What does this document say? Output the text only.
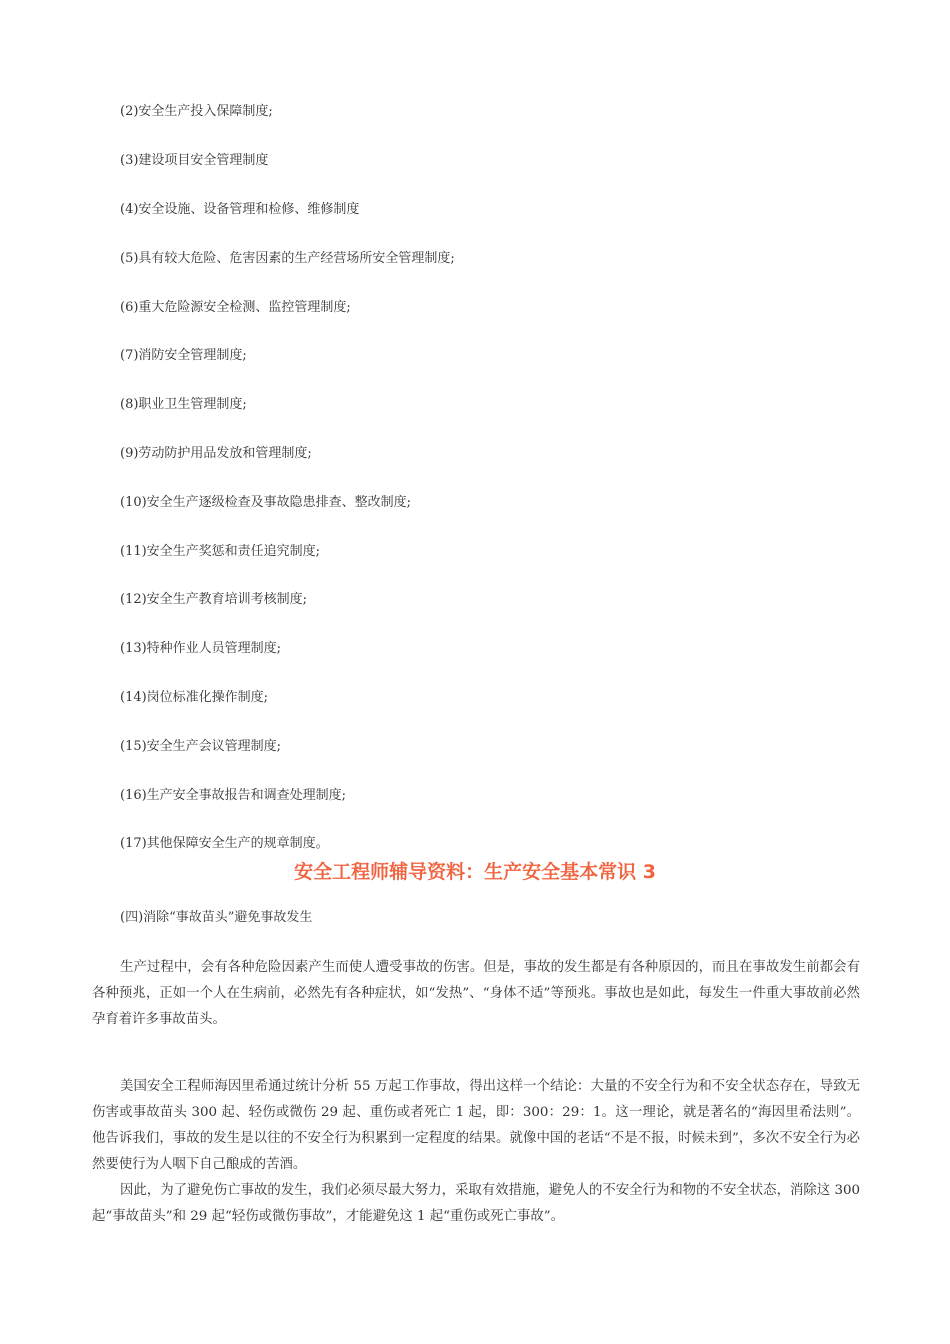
(2)安全生产投入保障制度;
(3)建设项目安全管理制度
(4)安全设施、设备管理和检修、维修制度
(5)具有较大危险、危害因素的生产经营场所安全管理制度;
(6)重大危险源安全检测、监控管理制度;
(7)消防安全管理制度;
(8)职业卫生管理制度;
(9)劳动防护用品发放和管理制度;
(10)安全生产逐级检查及事故隐患排查、整改制度;
(11)安全生产奖惩和责任追究制度;
(12)安全生产教育培训考核制度;
(13)特种作业人员管理制度;
(14)岗位标准化操作制度;
(15)安全生产会议管理制度;
(16)生产安全事故报告和调查处理制度;
(17)其他保障安全生产的规章制度。
安全工程师辅导资料：生产安全基本常识 3
(四)消除“事故苗头”避免事故发生

生产过程中，会有各种危险因素产生而使人遭受事故的伤害。但是，事故的发生都是有各种原因的，而且在事故发生前都会有各种预兆，正如一个人在生病前，必然先有各种症状，如“发热”、“身体不适”等预兆。事故也是如此，每发生一件重大事故前必然孕育着许多事故苗头。

美国安全工程师海因里希通过统计分析 55 万起工作事故，得出这样一个结论：大量的不安全行为和不安全状态存在，导致无伤害或事故苗头 300 起、轻伤或微伤 29 起、重伤或者死亡 1 起，即：300：29：1。这一理论，就是著名的“海因里希法则”。他告诉我们，事故的发生是以往的不安全行为积累到一定程度的结果。就像中国的老话“不是不报，时候未到”，多次不安全行为必然要使行为人咽下自己酿成的苦酒。

因此，为了避免伤亡事故的发生，我们必须尽最大努力，采取有效措施，避免人的不安全行为和物的不安全状态，消除这 300 起“事故苗头”和 29 起“轻伤或微伤事故”，才能避免这 1 起“重伤或死亡事故”。
